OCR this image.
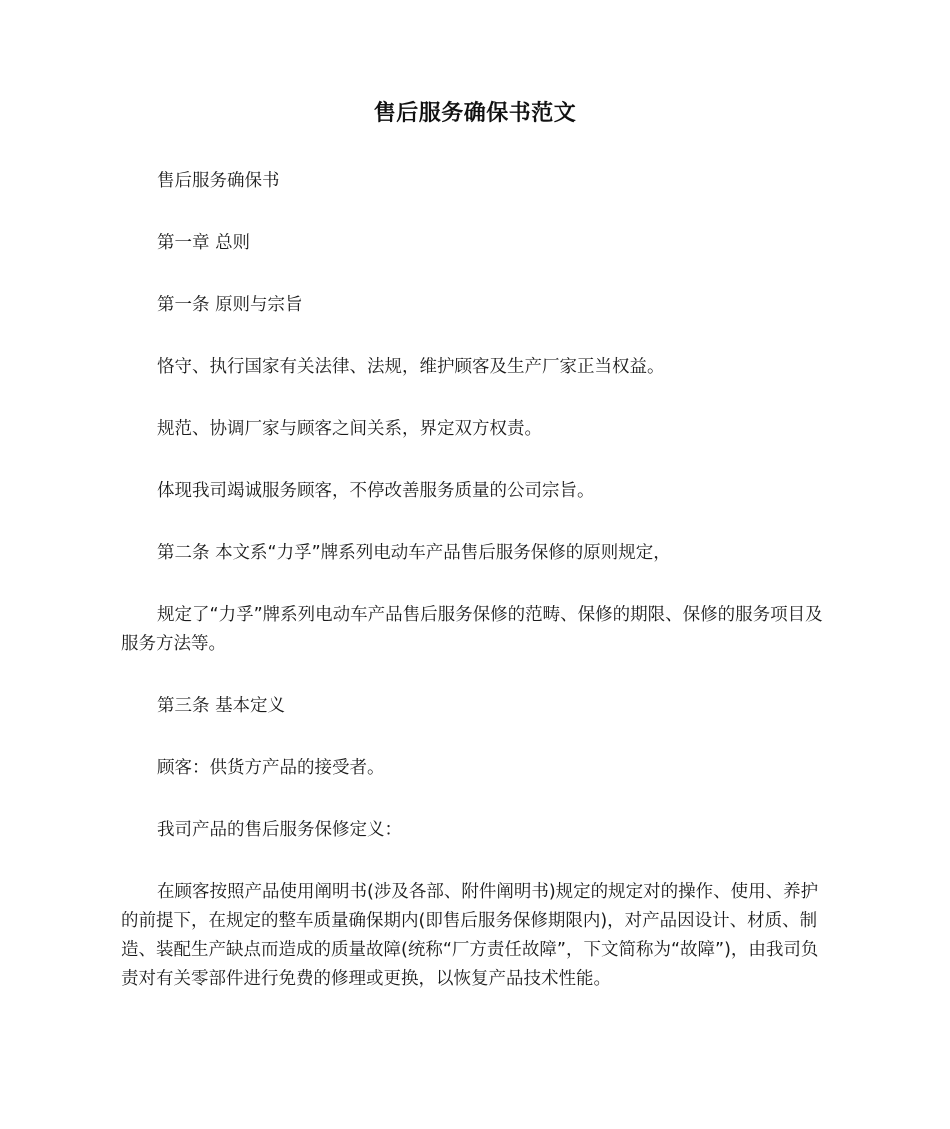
售后服务确保书范文
售后服务确保书
第一章 总则
第一条 原则与宗旨
恪守、执行国家有关法律、法规，维护顾客及生产厂家正当权益。
规范、协调厂家与顾客之间关系，界定双方权责。
体现我司竭诚服务顾客，不停改善服务质量的公司宗旨。
第二条 本文系“力孚”牌系列电动车产品售后服务保修的原则规定，
规定了“力孚”牌系列电动车产品售后服务保修的范畴、保修的期限、保修的服务项目及服务方法等。
第三条 基本定义
顾客：供货方产品的接受者。
我司产品的售后服务保修定义：
在顾客按照产品使用阐明书(涉及各部、附件阐明书)规定的规定对的操作、使用、养护的前提下，在规定的整车质量确保期内(即售后服务保修期限内)，对产品因设计、材质、制造、装配生产缺点而造成的质量故障(统称“厂方责任故障”，下文简称为“故障”)，由我司负责对有关零部件进行免费的修理或更换，以恢复产品技术性能。
